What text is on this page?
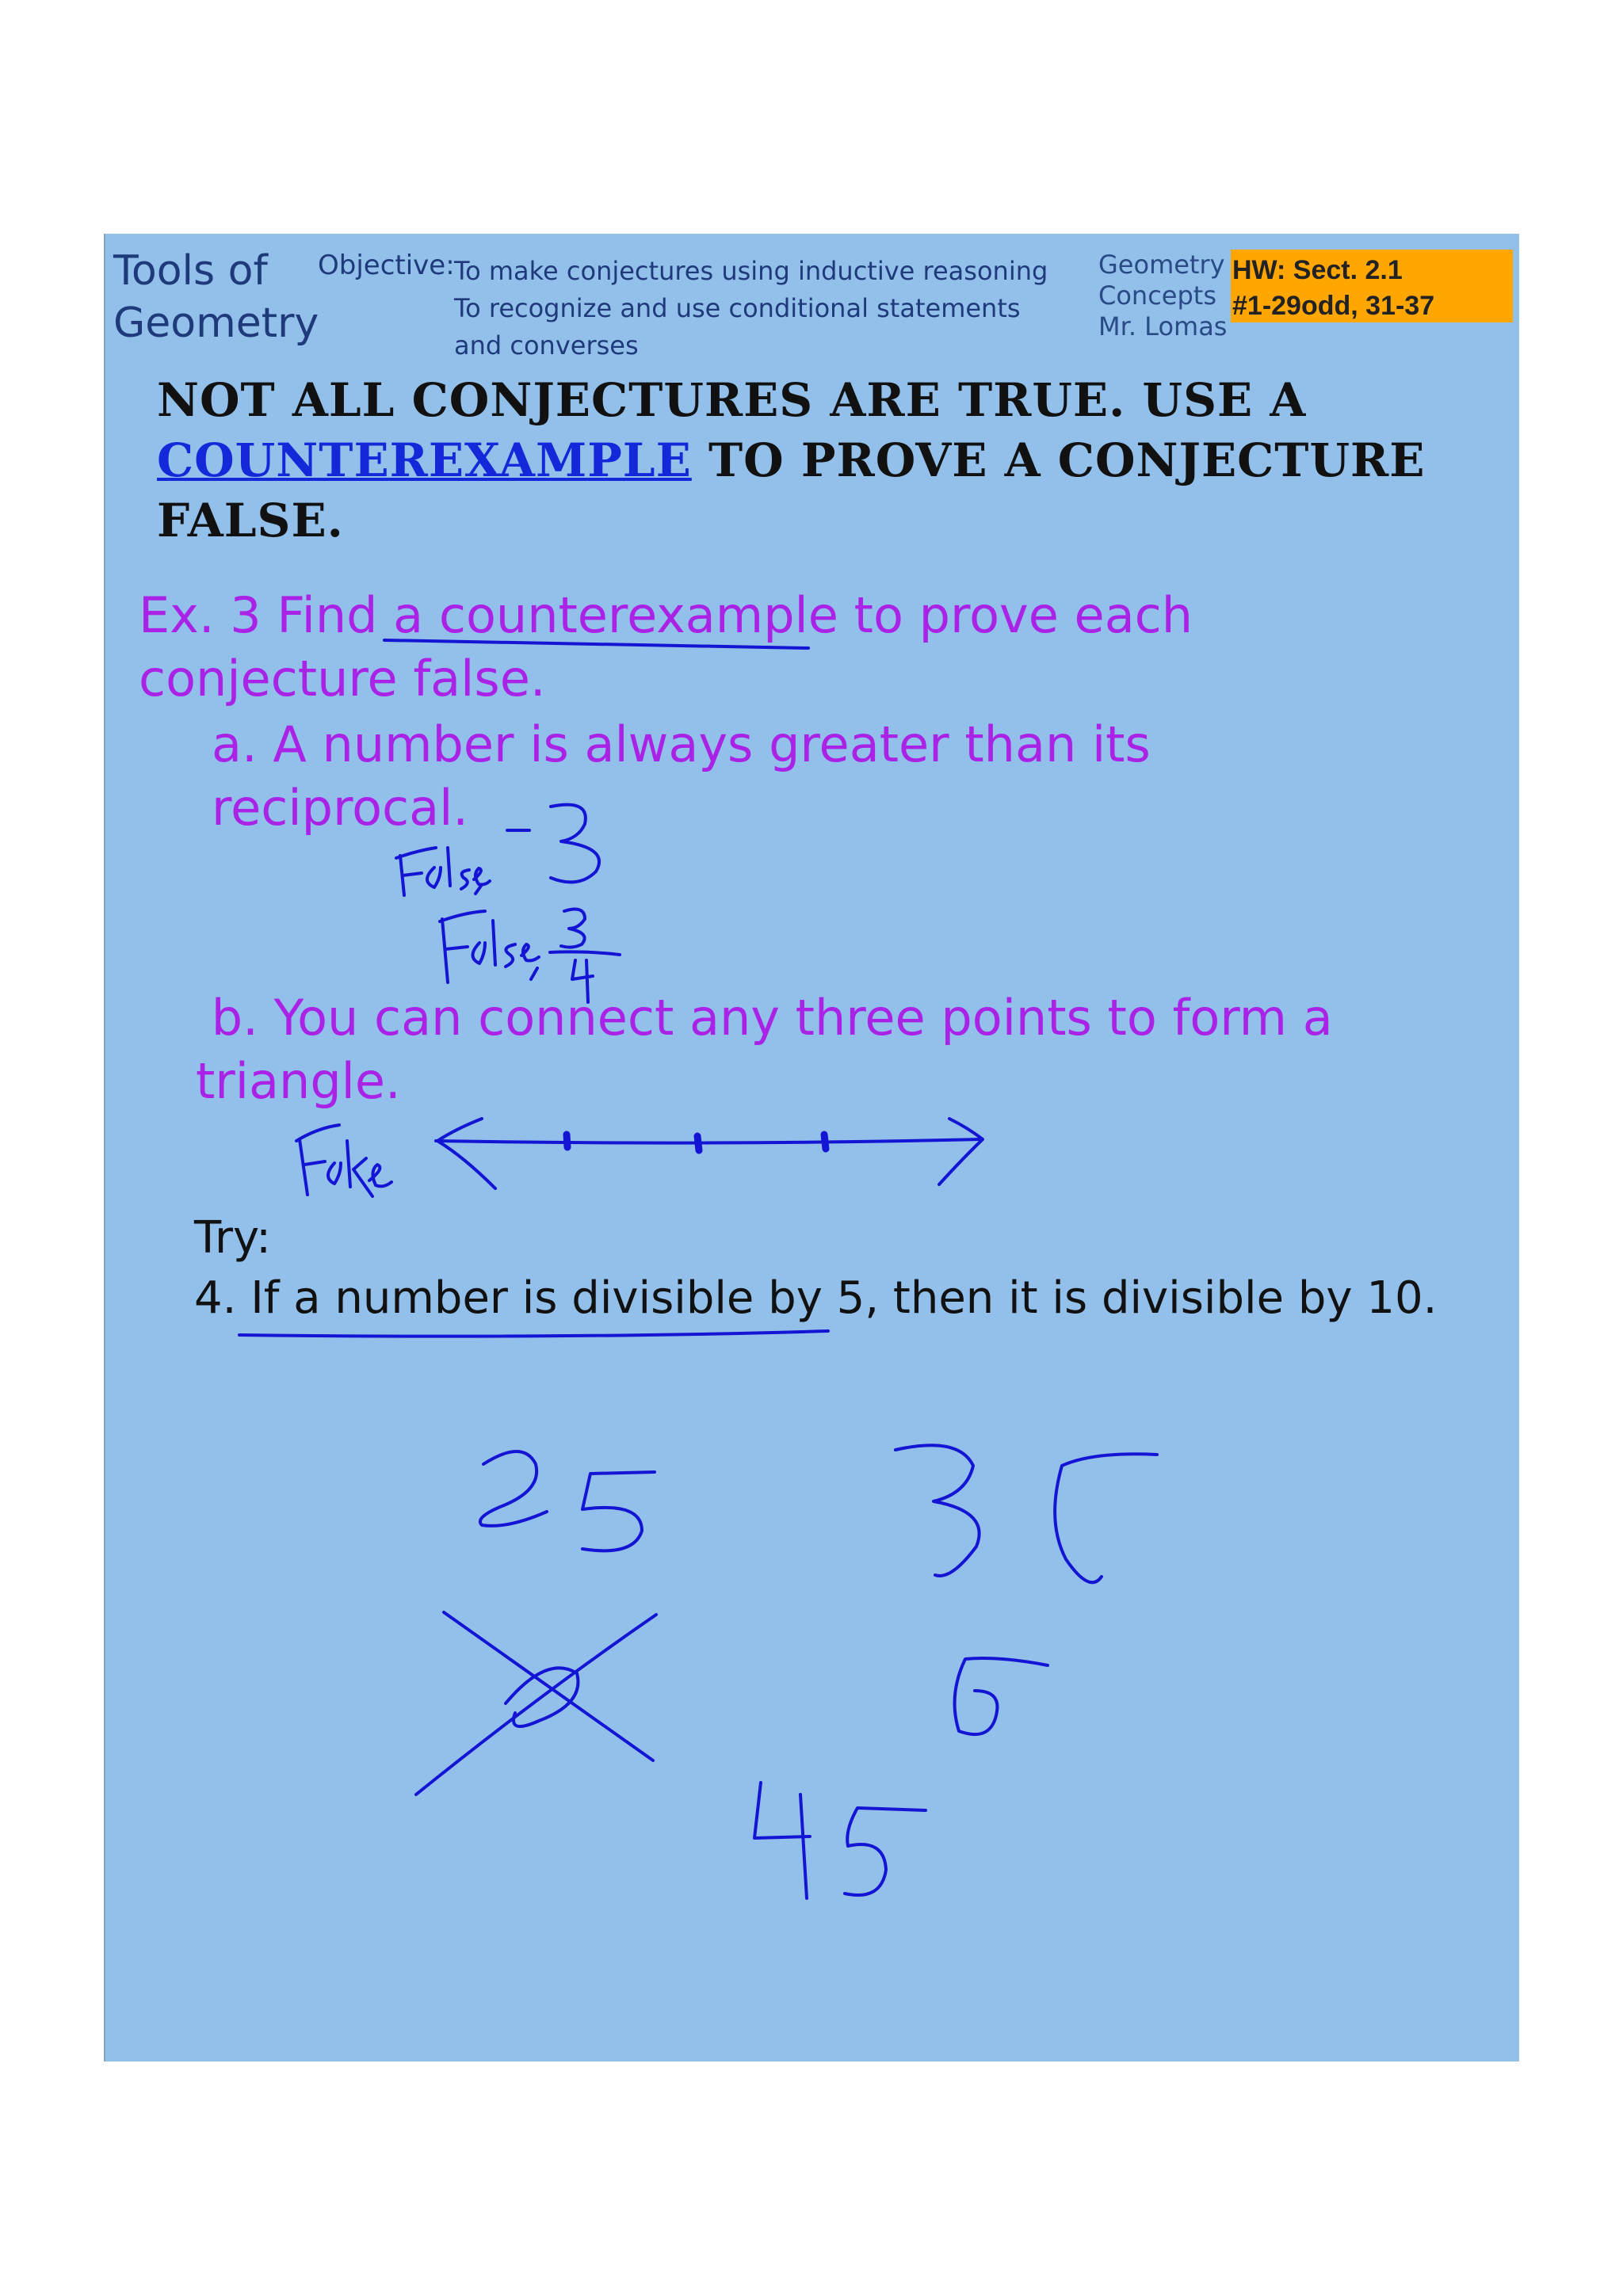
Tools of
Geometry
Objective: To make conjectures using inductive reasoning
To recognize and use conditional statements
and converses
Geometry
Concepts
Mr. Lomas
HW: Sect. 2.1
#1-29odd, 31-37
NOT ALL CONJECTURES ARE TRUE. USE A
COUNTEREXAMPLE TO PROVE A CONJECTURE FALSE.
Ex. 3 Find a counterexample to prove each
conjecture false.
a. A number is always greater than its
reciprocal.
b. You can connect any three points to form a
triangle.
Try:
4. If a number is divisible by 5, then it is divisible by 10.
